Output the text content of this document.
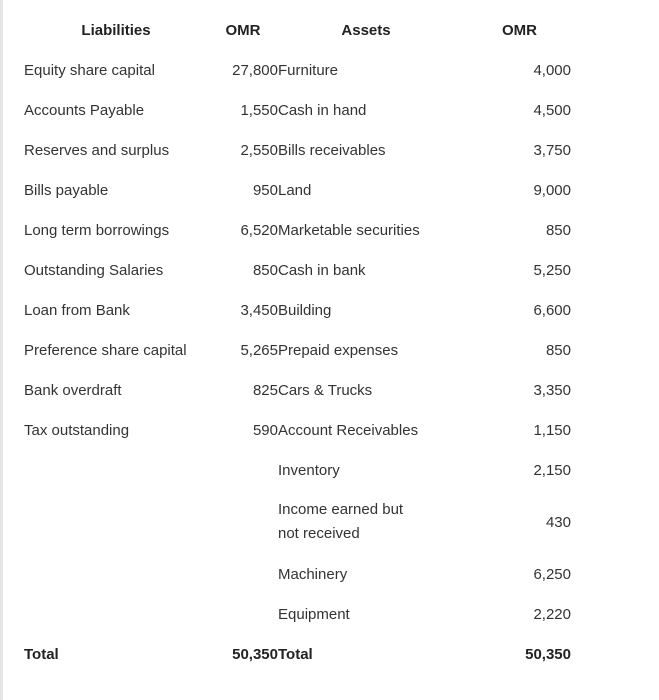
Liabilities	OMR	Assets	OMR
Equity share capital	27,800	Furniture	4,000
Accounts Payable	1,550	Cash in hand	4,500
Reserves and surplus	2,550	Bills receivables	3,750
Bills payable	950	Land	9,000
Long term borrowings	6,520	Marketable securities	850
Outstanding Salaries	850	Cash in bank	5,250
Loan from Bank	3,450	Building	6,600
Preference share capital	5,265	Prepaid expenses	850
Bank overdraft	825	Cars & Trucks	3,350
Tax outstanding	590	Account Receivables	1,150
		Inventory	2,150
		Income earned but not received	430
		Machinery	6,250
		Equipment	2,220
Total	50,350	Total	50,350
